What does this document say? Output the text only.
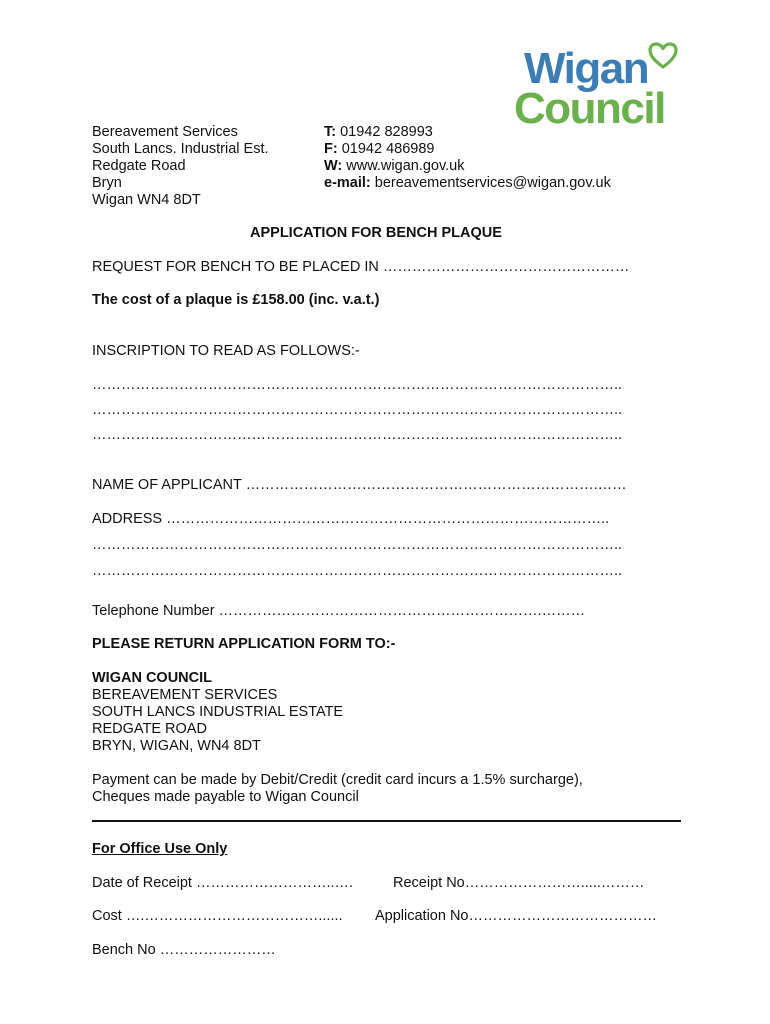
Wigan
Council
Bereavement Services
South Lancs. Industrial Est.
Redgate Road
Bryn
Wigan WN4 8DT
T: 01942 828993
F: 01942 486989
W: www.wigan.gov.uk
e-mail: bereavementservices@wigan.gov.uk
APPLICATION FOR BENCH PLAQUE
REQUEST FOR BENCH TO BE PLACED IN ……………………………………………
The cost of a plaque is £158.00 (inc. v.a.t.)
INSCRIPTION TO READ AS FOLLOWS:-
………………………………………………………………………………………………..
………………………………………………………………………………………………..
………………………………………………………………………………………………..
NAME OF APPLICANT ……………………………………………………………….……
ADDRESS ………………………………………………………………………………..
………………………………………………………………………………………………..
………………………………………………………………………………………………..
Telephone Number ………………………………………………………….………
PLEASE RETURN APPLICATION FORM TO:-
WIGAN COUNCIL
BEREAVEMENT SERVICES
SOUTH LANCS INDUSTRIAL ESTATE
REDGATE ROAD
BRYN, WIGAN, WN4 8DT
Payment can be made by Debit/Credit (credit card incurs a 1.5% surcharge),
Cheques made payable to Wigan Council
For Office Use Only
Date of Receipt ………………………..….	Receipt No…………………….....………
Cost ….………………………………...... Application No…………………………………
Bench No ……………………
